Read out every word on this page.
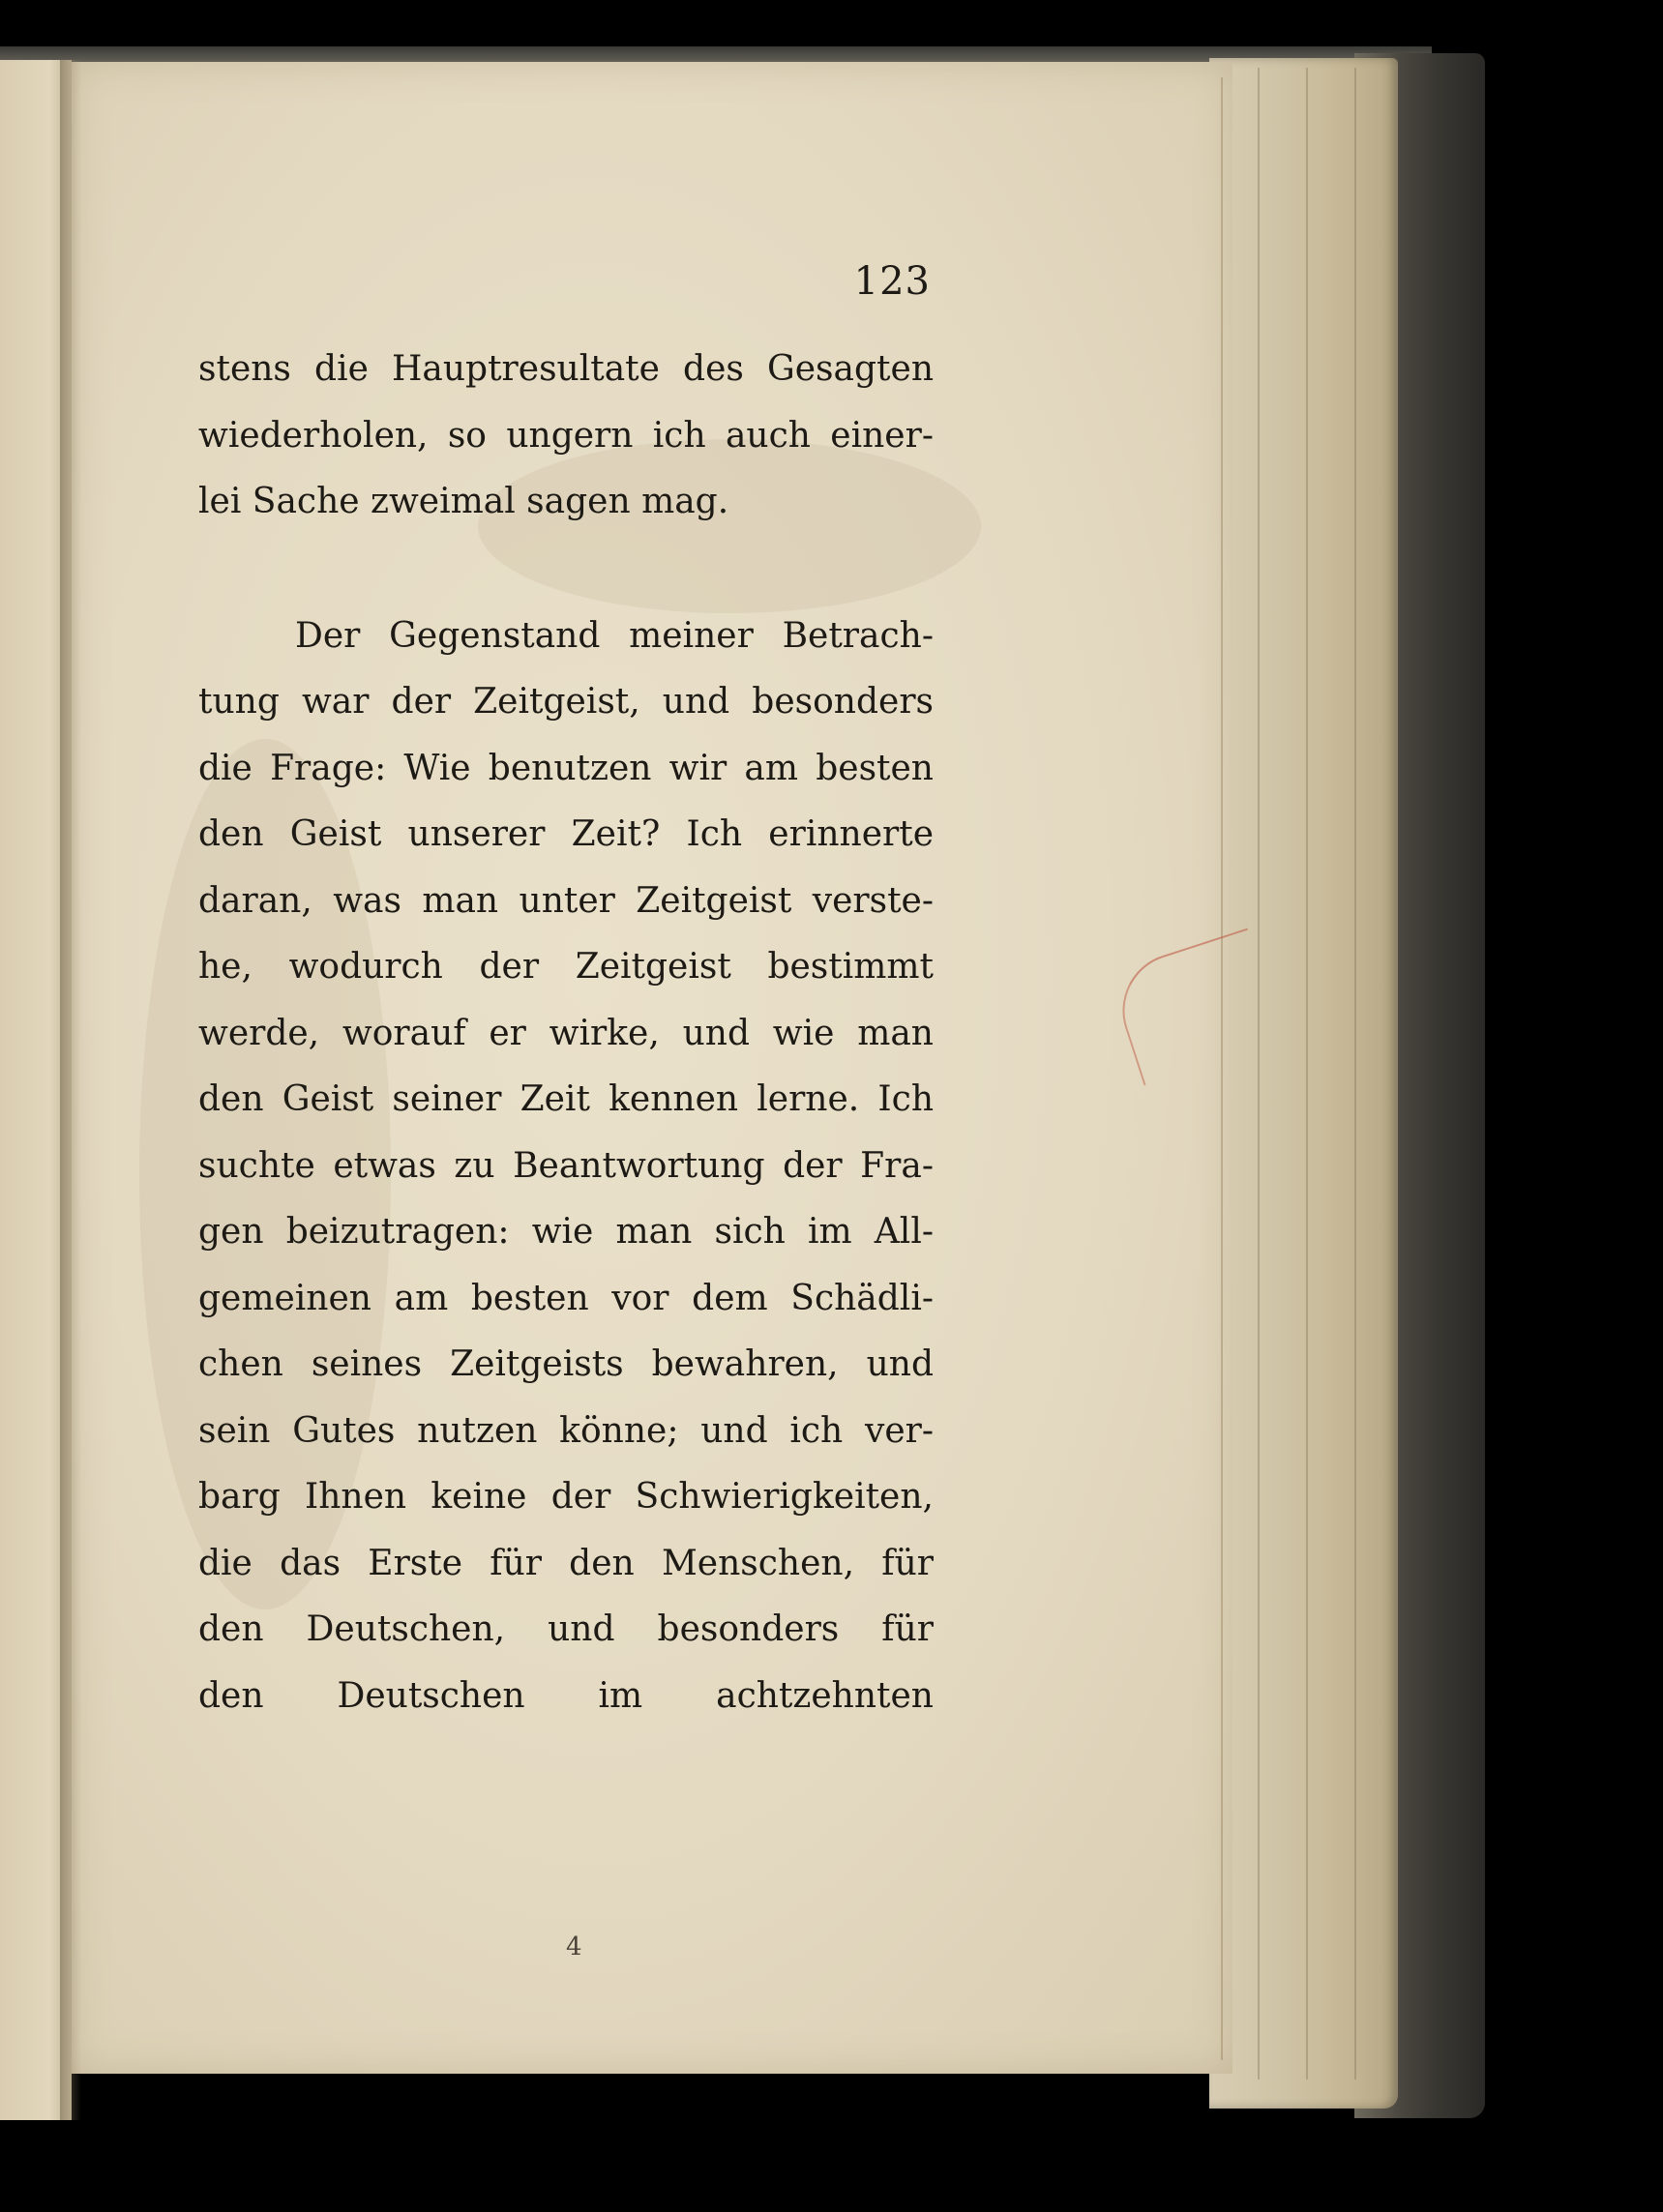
123
stens die Hauptresultate des Gesagten
wiederholen, so ungern ich auch einer-
lei Sache zweimal sagen mag.
Der Gegenstand meiner Betrach-
tung war der Zeitgeist, und besonders
die Frage: Wie benutzen wir am besten
den Geist unserer Zeit? Ich erinnerte
daran, was man unter Zeitgeist verste-
he, wodurch der Zeitgeist bestimmt
werde, worauf er wirke, und wie man
den Geist seiner Zeit kennen lerne. Ich
suchte etwas zu Beantwortung der Fra-
gen beizutragen: wie man sich im All-
gemeinen am besten vor dem Schädli-
chen seines Zeitgeists bewahren, und
sein Gutes nutzen könne; und ich ver-
barg Ihnen keine der Schwierigkeiten,
die das Erste für den Menschen, für
den Deutschen, und besonders für
den Deutschen im achtzehnten
4
